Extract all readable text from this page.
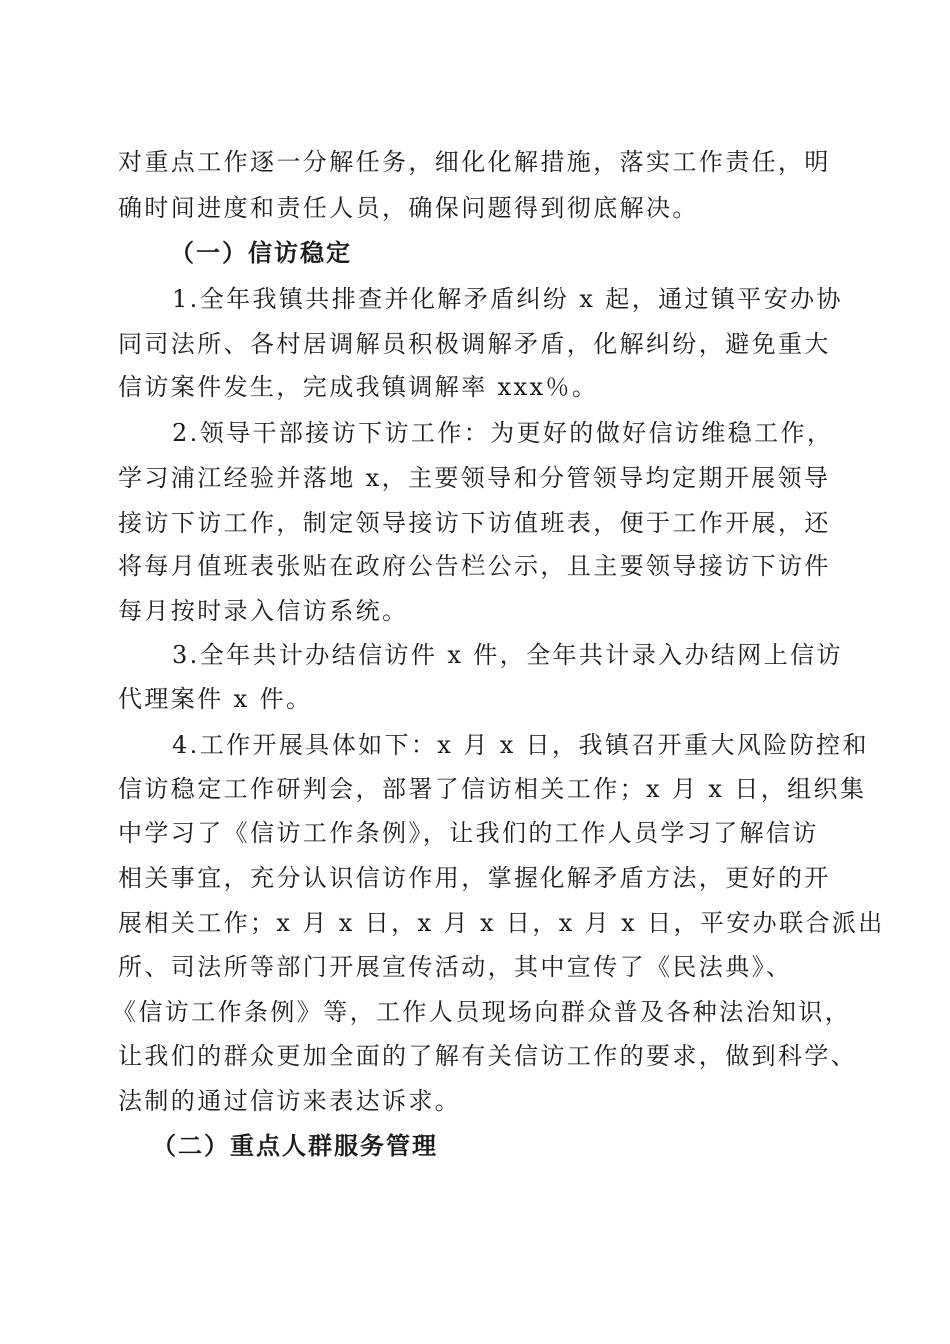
对重点工作逐一分解任务，细化化解措施，落实工作责任，明
确时间进度和责任人员，确保问题得到彻底解决。
（一）信访稳定
1.全年我镇共排查并化解矛盾纠纷 x 起，通过镇平安办协
同司法所、各村居调解员积极调解矛盾，化解纠纷，避免重大
信访案件发生，完成我镇调解率 xxx％。
2.领导干部接访下访工作：为更好的做好信访维稳工作，
学习浦江经验并落地 x，主要领导和分管领导均定期开展领导
接访下访工作，制定领导接访下访值班表，便于工作开展，还
将每月值班表张贴在政府公告栏公示，且主要领导接访下访件
每月按时录入信访系统。
3.全年共计办结信访件 x 件，全年共计录入办结网上信访
代理案件 x 件。
4.工作开展具体如下：x 月 x 日，我镇召开重大风险防控和
信访稳定工作研判会，部署了信访相关工作；x 月 x 日，组织集
中学习了《信访工作条例》，让我们的工作人员学习了解信访
相关事宜，充分认识信访作用，掌握化解矛盾方法，更好的开
展相关工作；x 月 x 日，x 月 x 日，x 月 x 日，平安办联合派出
所、司法所等部门开展宣传活动，其中宣传了《民法典》、
《信访工作条例》等，工作人员现场向群众普及各种法治知识，
让我们的群众更加全面的了解有关信访工作的要求，做到科学、
法制的通过信访来表达诉求。
（二）重点人群服务管理
